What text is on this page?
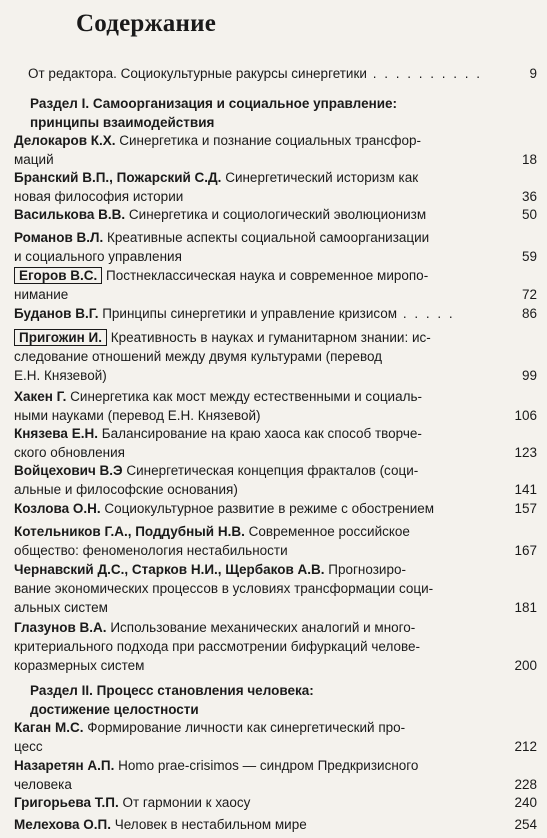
Содержание
От редактора. Социокультурные ракурсы синергетики . . . . . . . . . .	9
Раздел I. Самоорганизация и социальное управление:
принципы взаимодействия
Делокаров К.Х. Синергетика и познание социальных трансфор-
маций	18
Бранский В.П., Пожарский С.Д. Синергетический историзм как
новая философия истории	36
Василькова В.В. Синергетика и социологический эволюционизм	50
Романов В.Л. Креативные аспекты социальной самоорганизации
и социального управления	59
Егоров В.С. Постнеклассическая наука и современное миропо-
нимание	72
Буданов В.Г. Принципы синергетики и управление кризисом . . . . .	86
Пригожин И. Креативность в науках и гуманитарном знании: ис-
следование отношений между двумя культурами (перевод
Е.Н. Князевой)	99
Хакен Г. Синергетика как мост между естественными и социаль-
ными науками (перевод Е.Н. Князевой)	106
Князева Е.Н. Балансирование на краю хаоса как способ творче-
ского обновления	123
Войцехович В.Э Синергетическая концепция фракталов (соци-
альные и философские основания)	141
Козлова О.Н. Социокультурное развитие в режиме с обострением	157
Котельников Г.А., Поддубный Н.В. Современное российское
общество: феноменология нестабильности	167
Чернавский Д.С., Старков Н.И., Щербаков А.В. Прогнозиро-
вание экономических процессов в условиях трансформации соци-
альных систем	181
Глазунов В.А. Использование механических аналогий и много-
критериального подхода при рассмотрении бифуркаций челове-
коразмерных систем	200
Раздел II. Процесс становления человека:
достижение целостности
Каган М.С. Формирование личности как синергетический про-
цесс	212
Назаретян А.П. Homo prae-crisimos — синдром Предкризисного
человека	228
Григорьева Т.П. От гармонии к хаосу	240
Мелехова О.П. Человек в нестабильном мире	254
